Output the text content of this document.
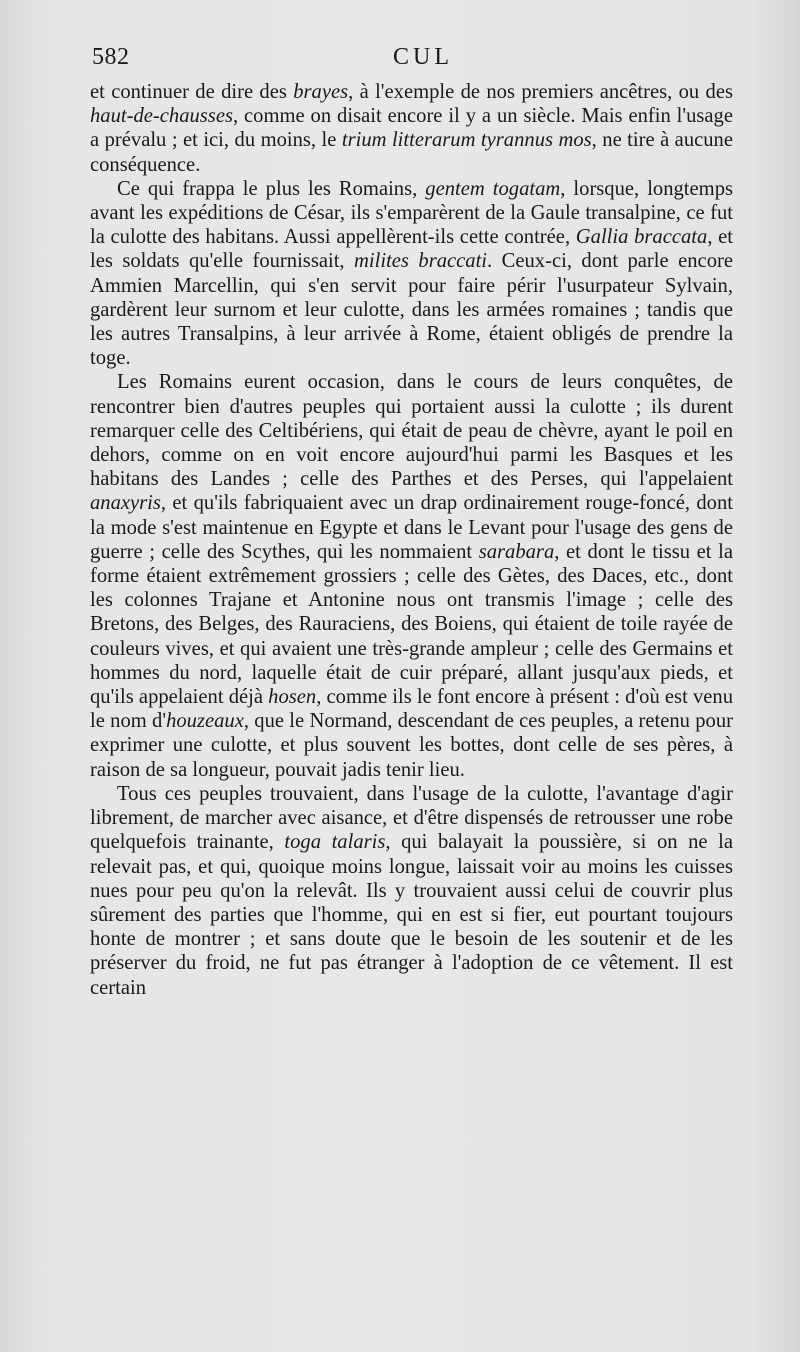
582	CUL

et continuer de dire des brayes, à l'exemple de nos premiers ancêtres, ou des haut-de-chausses, comme on disait encore il y a un siècle. Mais enfin l'usage a prévalu ; et ici, du moins, le trium litterarum tyrannus mos, ne tire à aucune conséquence.

Ce qui frappa le plus les Romains, gentem togatam, lorsque, longtemps avant les expéditions de César, ils s'emparèrent de la Gaule transalpine, ce fut la culotte des habitans. Aussi appellèrent-ils cette contrée, Gallia braccata, et les soldats qu'elle fournissait, milites braccati. Ceux-ci, dont parle encore Ammien Marcellin, qui s'en servit pour faire périr l'usurpateur Sylvain, gardèrent leur surnom et leur culotte, dans les armées romaines ; tandis que les autres Transalpins, à leur arrivée à Rome, étaient obligés de prendre la toge.

Les Romains eurent occasion, dans le cours de leurs conquêtes, de rencontrer bien d'autres peuples qui portaient aussi la culotte ; ils durent remarquer celle des Celtibériens, qui était de peau de chèvre, ayant le poil en dehors, comme on en voit encore aujourd'hui parmi les Basques et les habitans des Landes ; celle des Parthes et des Perses, qui l'appelaient anaxyris, et qu'ils fabriquaient avec un drap ordinairement rouge-foncé, dont la mode s'est maintenue en Egypte et dans le Levant pour l'usage des gens de guerre ; celle des Scythes, qui les nommaient sarabara, et dont le tissu et la forme étaient extrêmement grossiers ; celle des Gètes, des Daces, etc., dont les colonnes Trajane et Antonine nous ont transmis l'image ; celle des Bretons, des Belges, des Rauraciens, des Boiens, qui étaient de toile rayée de couleurs vives, et qui avaient une très-grande ampleur ; celle des Germains et hommes du nord, laquelle était de cuir préparé, allant jusqu'aux pieds, et qu'ils appelaient déjà hosen, comme ils le font encore à présent : d'où est venu le nom d'houzeaux, que le Normand, descendant de ces peuples, a retenu pour exprimer une culotte, et plus souvent les bottes, dont celle de ses pères, à raison de sa longueur, pouvait jadis tenir lieu.

Tous ces peuples trouvaient, dans l'usage de la culotte, l'avantage d'agir librement, de marcher avec aisance, et d'être dispensés de retrousser une robe quelquefois trainante, toga talaris, qui balayait la poussière, si on ne la relevait pas, et qui, quoique moins longue, laissait voir au moins les cuisses nues pour peu qu'on la relevât. Ils y trouvaient aussi celui de couvrir plus sûrement des parties que l'homme, qui en est si fier, eut pourtant toujours honte de montrer ; et sans doute que le besoin de les soutenir et de les préserver du froid, ne fut pas étranger à l'adoption de ce vêtement. Il est certain
